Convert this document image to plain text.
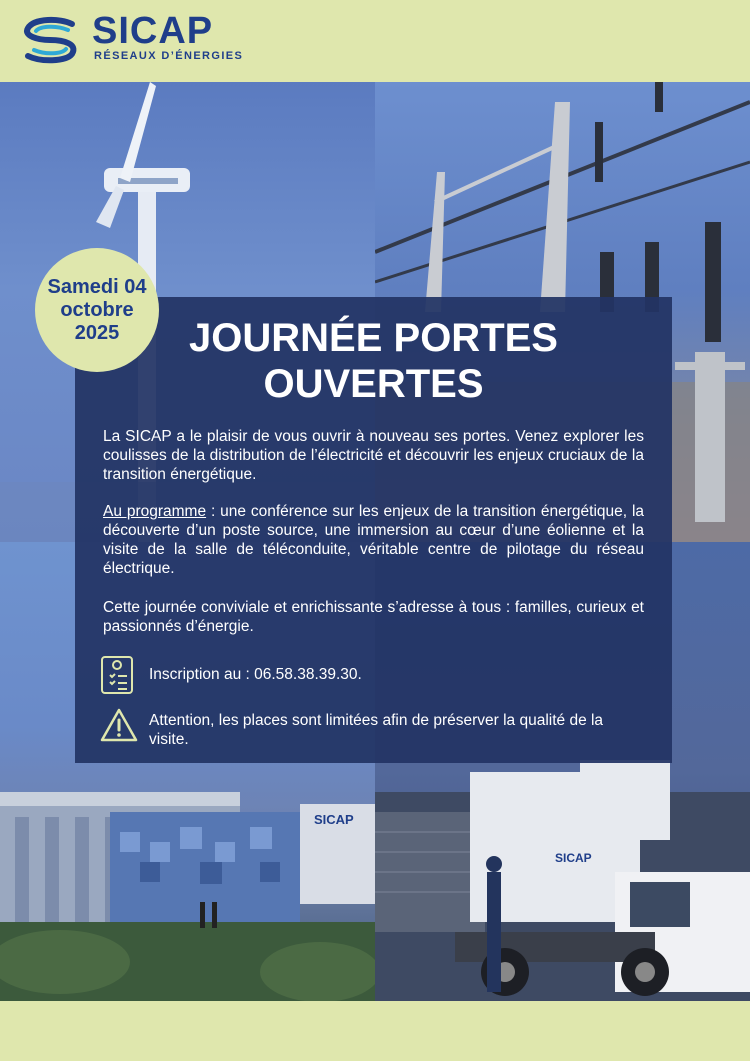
SICAP
RÉSEAUX D’ÉNERGIES
SICAP
SICAP
Samedi 04
octobre
2025	JOURNÉE PORTES
OUVERTES
La SICAP a le plaisir de vous ouvrir à nouveau ses portes. Venez explorer les coulisses de la distribution de l’électricité et découvrir les enjeux cruciaux de la transition énergétique.
Au programme : une conférence sur les enjeux de la transition énergétique, la découverte d’un poste source, une immersion au cœur d’une éolienne et la visite de la salle de téléconduite, véritable centre de pilotage du réseau électrique.
Cette journée conviviale et enrichissante s’adresse à tous : familles, curieux et passionnés d’énergie.
Inscription au : 06.58.38.39.30.
Attention, les places sont limitées afin de préserver la qualité de la visite.
